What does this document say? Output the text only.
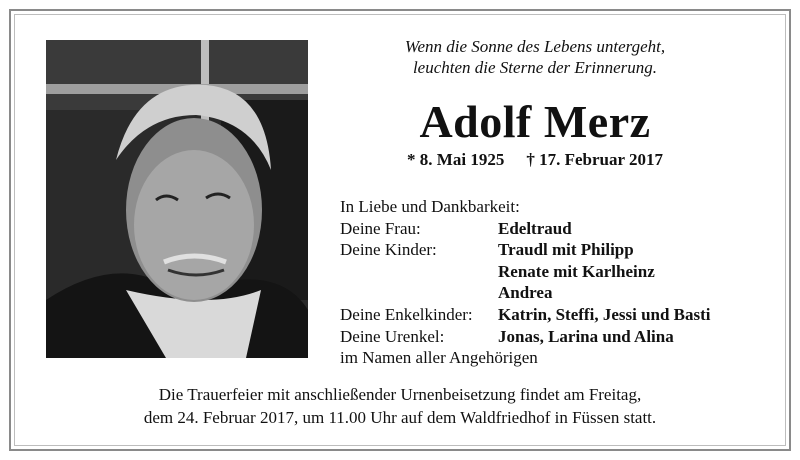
Wenn die Sonne des Lebens untergeht,
leuchten die Sterne der Erinnerung.
Adolf Merz
* 8. Mai 1925 † 17. Februar 2017
In Liebe und Dankbarkeit:
Deine Frau:	Edeltraud
Deine Kinder:	Traudl mit Philipp
Renate mit Karlheinz
Andrea
Deine Enkelkinder:	Katrin, Steffi, Jessi und Basti
Deine Urenkel:	Jonas, Larina und Alina
im Namen aller Angehörigen
Die Trauerfeier mit anschließender Urnenbeisetzung findet am Freitag,
dem 24. Februar 2017, um 11.00 Uhr auf dem Waldfriedhof in Füssen statt.
